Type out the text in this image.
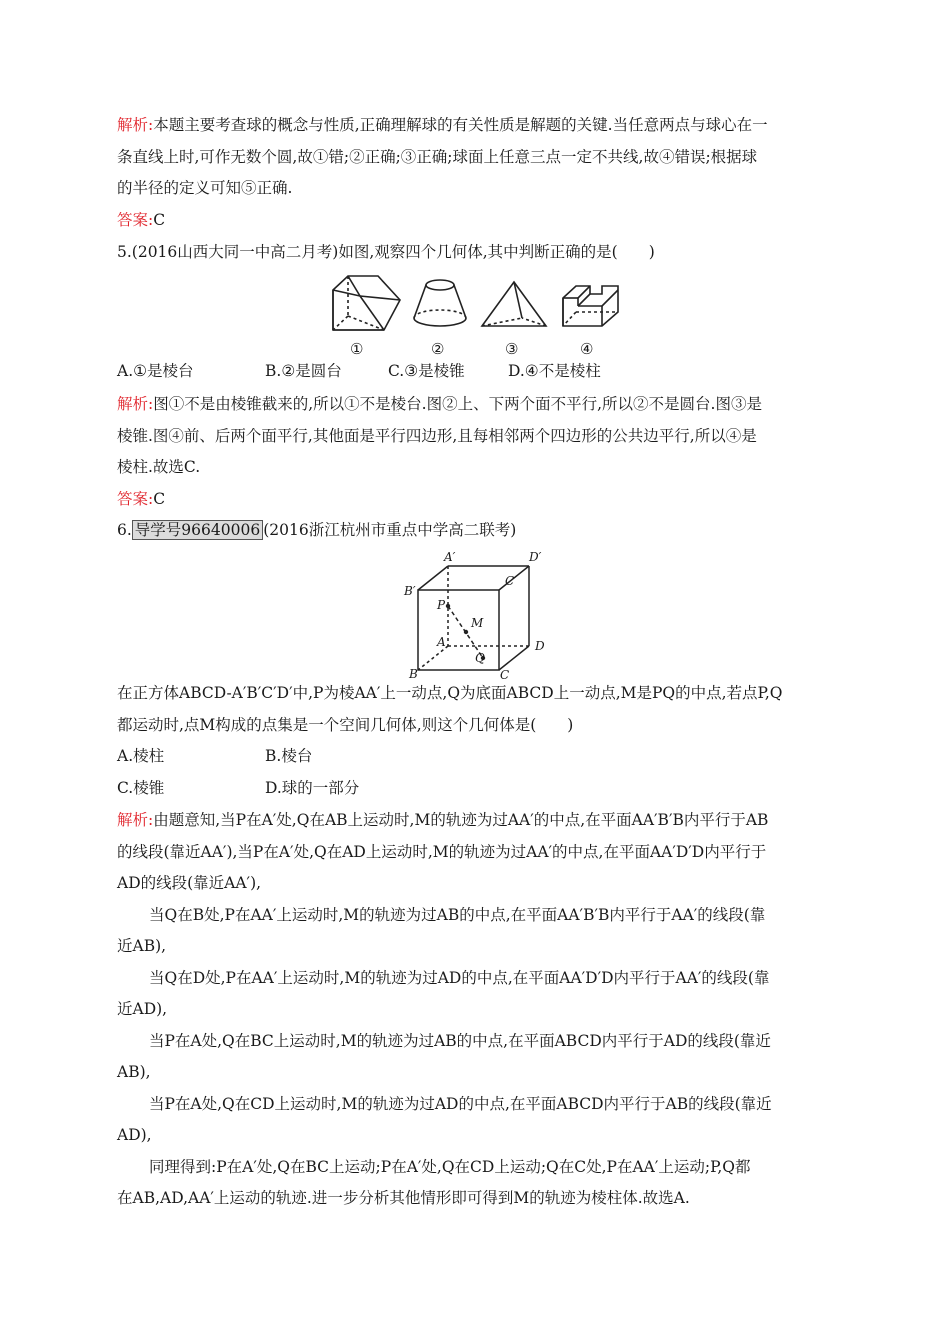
解析:本题主要考查球的概念与性质,正确理解球的有关性质是解题的关键.当任意两点与球心在一
条直线上时,可作无数个圆,故①错;②正确;③正确;球面上任意三点一定不共线,故④错误;根据球
的半径的定义可知⑤正确.
答案:C
5.(2016山西大同一中高二月考)如图,观察四个几何体,其中判断正确的是(　　)
①	②	③	④
A.①是棱台	B.②是圆台	C.③是棱锥	D.④不是棱柱
解析:图①不是由棱锥截来的,所以①不是棱台.图②上、下两个面不平行,所以②不是圆台.图③是
棱锥.图④前、后两个面平行,其他面是平行四边形,且每相邻两个四边形的公共边平行,所以④是
棱柱.故选C.
答案:C
6. 导学号96640006 (2016浙江杭州市重点中学高二联考)
A′	D′
B′
C′
P
M
A	D
Q
B	C
在正方体ABCD-A′B′C′D′中,P为棱AA′上一动点,Q为底面ABCD上一动点,M是PQ的中点,若点P,Q
都运动时,点M构成的点集是一个空间几何体,则这个几何体是(　　)
A.棱柱	B.棱台
C.棱锥	D.球的一部分
解析:由题意知,当P在A′处,Q在AB上运动时,M的轨迹为过AA′的中点,在平面AA′B′B内平行于AB
的线段(靠近AA′),当P在A′处,Q在AD上运动时,M的轨迹为过AA′的中点,在平面AA′D′D内平行于
AD的线段(靠近AA′),
当Q在B处,P在AA′上运动时,M的轨迹为过AB的中点,在平面AA′B′B内平行于AA′的线段(靠
近AB),
当Q在D处,P在AA′上运动时,M的轨迹为过AD的中点,在平面AA′D′D内平行于AA′的线段(靠
近AD),
当P在A处,Q在BC上运动时,M的轨迹为过AB的中点,在平面ABCD内平行于AD的线段(靠近
AB),
当P在A处,Q在CD上运动时,M的轨迹为过AD的中点,在平面ABCD内平行于AB的线段(靠近
AD),
同理得到:P在A′处,Q在BC上运动;P在A′处,Q在CD上运动;Q在C处,P在AA′上运动;P,Q都
在AB,AD,AA′上运动的轨迹.进一步分析其他情形即可得到M的轨迹为棱柱体.故选A.
